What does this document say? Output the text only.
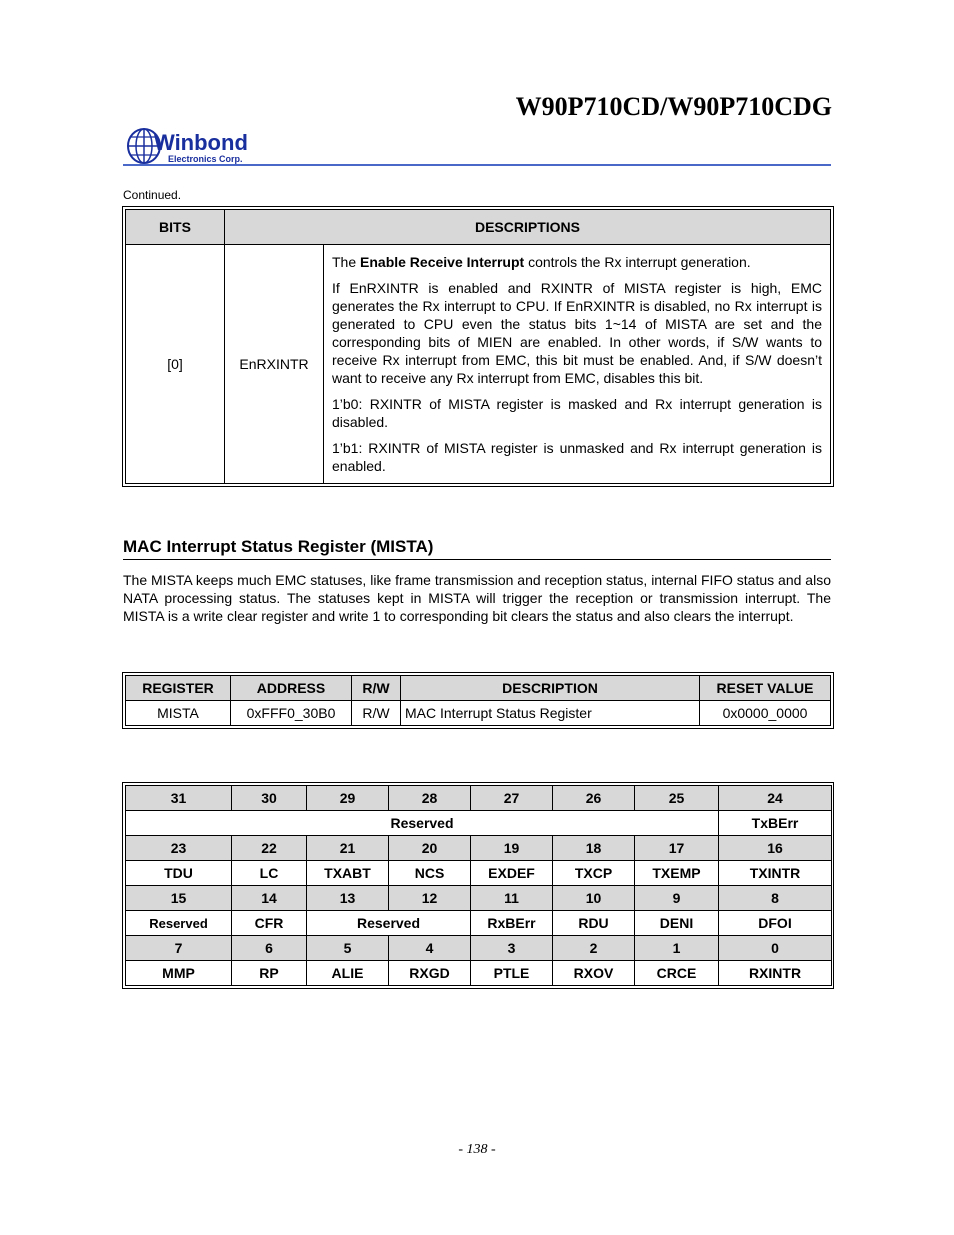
W90P710CD/W90P710CDG
Winbond
Electronics Corp.
Continued.
BITS	DESCRIPTIONS	
[0]	EnRXINTR	The Enable Receive Interrupt controls the Rx interrupt generation.

If EnRXINTR is enabled and RXINTR of MISTA register is high, EMC generates the Rx interrupt to CPU. If EnRXINTR is disabled, no Rx interrupt is generated to CPU even the status bits 1~14 of MISTA are set and the corresponding bits of MIEN are enabled. In other words, if S/W wants to receive Rx interrupt from EMC, this bit must be enabled. And, if S/W doesn’t want to receive any Rx interrupt from EMC, disables this bit.

1’b0: RXINTR of MISTA register is masked and Rx interrupt generation is disabled.

1’b1: RXINTR of MISTA register is unmasked and Rx interrupt generation is enabled.

MAC Interrupt Status Register (MISTA)

The MISTA keeps much EMC statuses, like frame transmission and reception status, internal FIFO status and also NATA processing status. The statuses kept in MISTA will trigger the reception or transmission interrupt. The MISTA is a write clear register and write 1 to corresponding bit clears the status and also clears the interrupt.

REGISTER	ADDRESS	R/W	DESCRIPTION	RESET VALUE
MISTA	0xFFF0_30B0	R/W	MAC Interrupt Status Register	0x0000_0000
31	30	29	28	27	26	25	24
Reserved							TxBErr
23	22	21	20	19	18	17	16
TDU	LC	TXABT	NCS	EXDEF	TXCP	TXEMP	TXINTR
15	14	13	12	11	10	9	8
Reserved	CFR	Reserved		RxBErr	RDU	DENI	DFOI
7	6	5	4	3	2	1	0
MMP	RP	ALIE	RXGD	PTLE	RXOV	CRCE	RXINTR
- 138 -
